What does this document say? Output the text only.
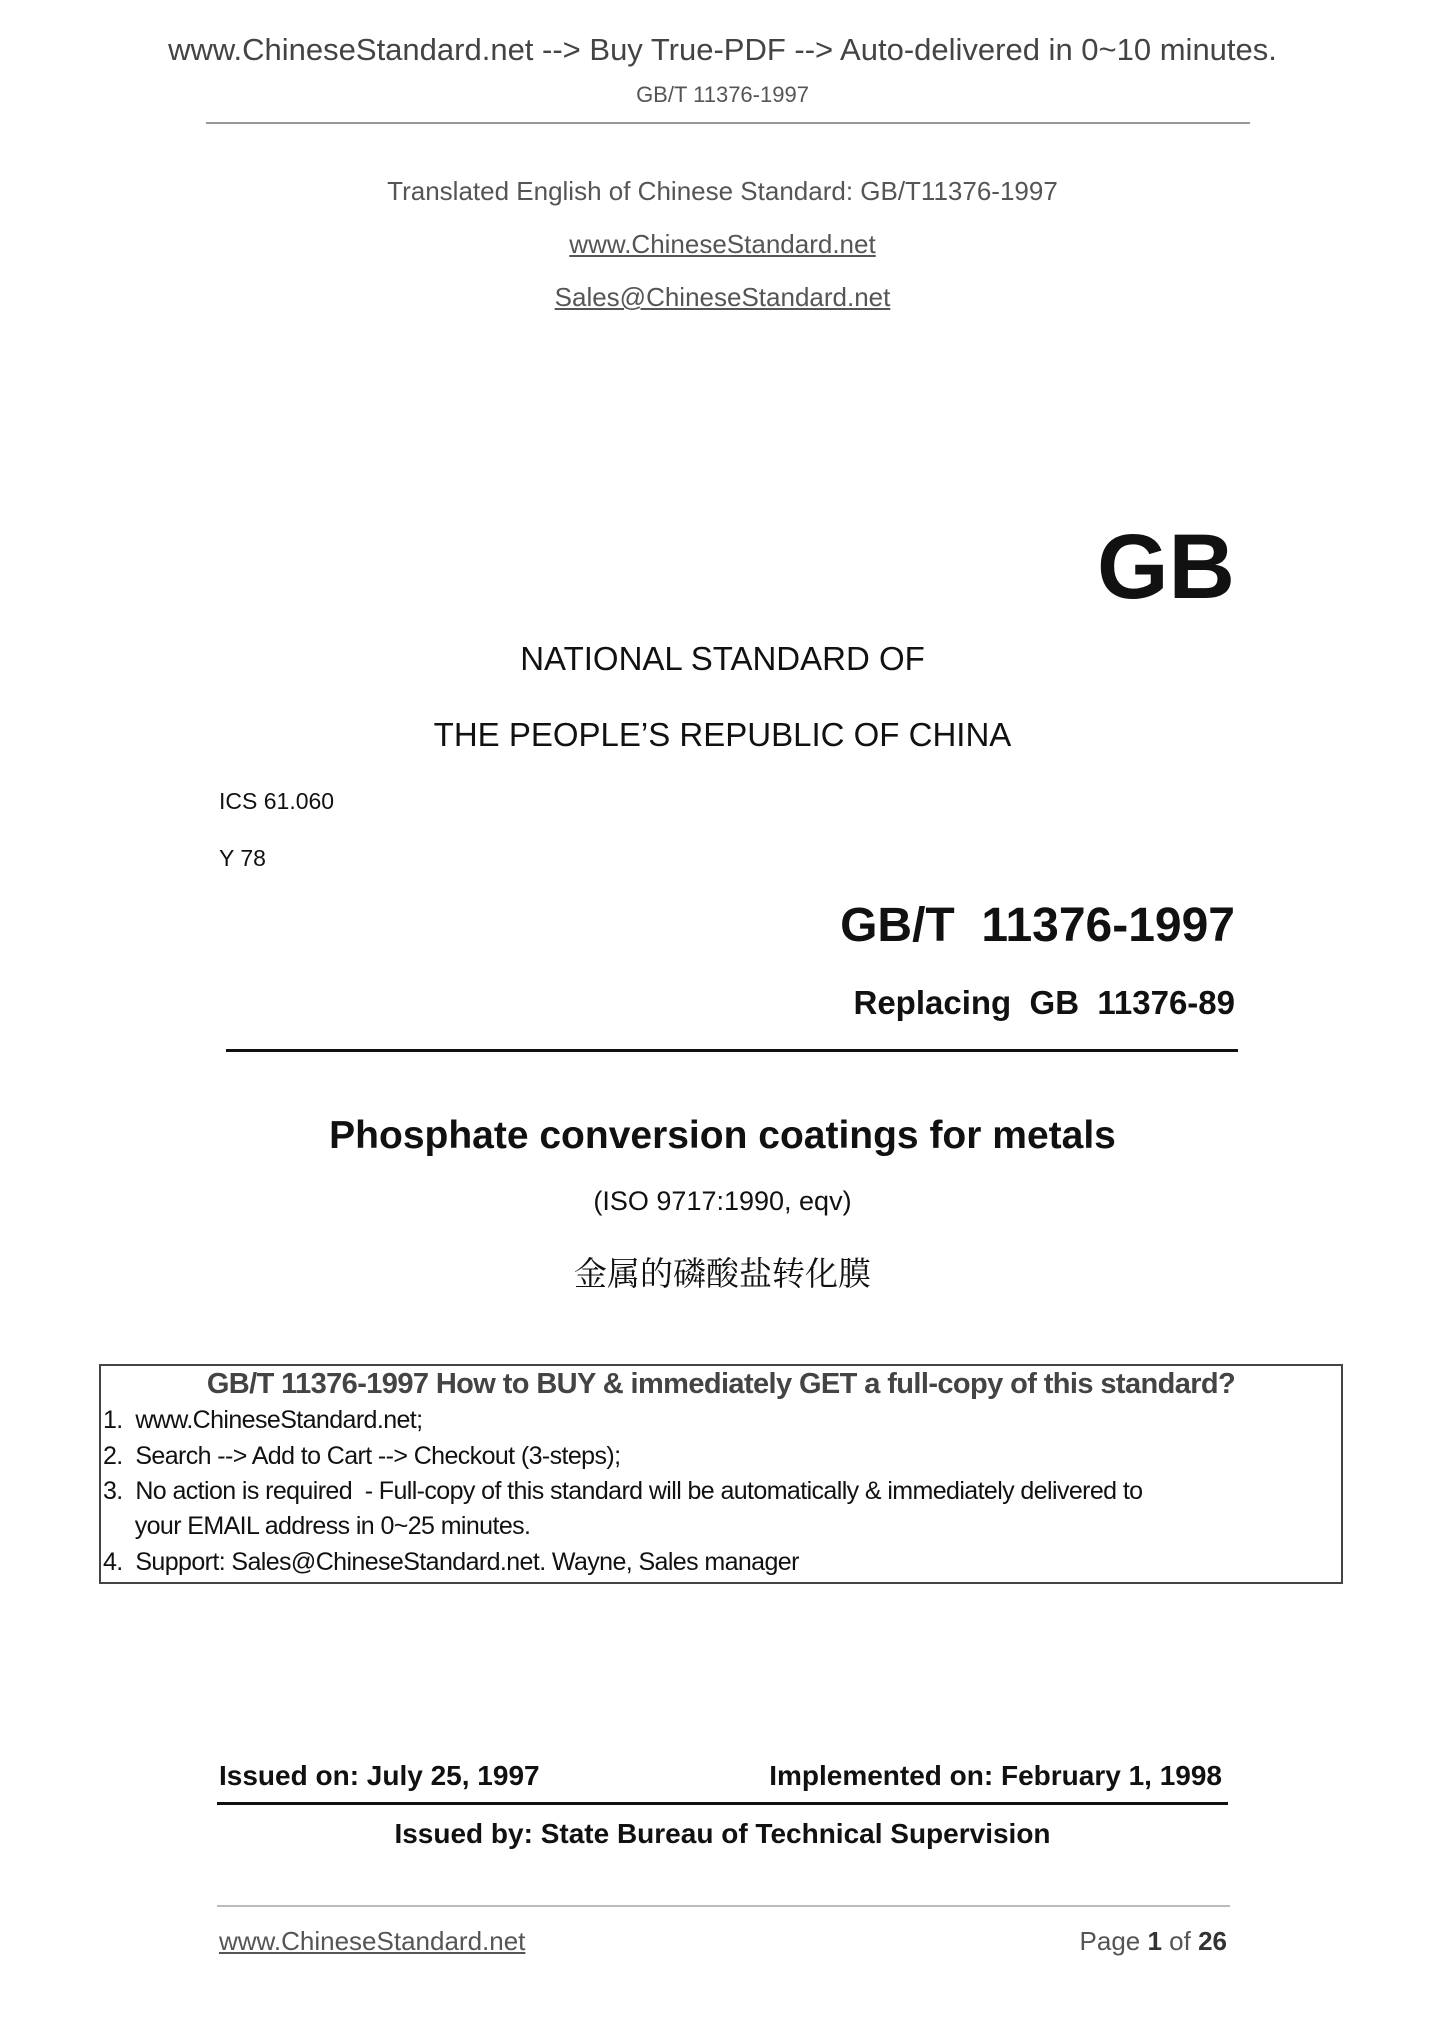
www.ChineseStandard.net --> Buy True-PDF --> Auto-delivered in 0~10 minutes.
GB/T 11376-1997
Translated English of Chinese Standard: GB/T11376-1997
www.ChineseStandard.net
Sales@ChineseStandard.net
GB
NATIONAL STANDARD OF
THE PEOPLE’S REPUBLIC OF CHINA
ICS 61.060
Y 78
GB/T  11376-1997
Replacing  GB  11376-89
Phosphate conversion coatings for metals
(ISO 9717:1990, eqv)
金属的磷酸盐转化膜
GB/T 11376-1997 How to BUY & immediately GET a full-copy of this standard?
1.  www.ChineseStandard.net;
2.  Search --> Add to Cart --> Checkout (3-steps);
3.  No action is required  - Full-copy of this standard will be automatically & immediately delivered to
your EMAIL address in 0~25 minutes.
4.  Support: Sales@ChineseStandard.net. Wayne, Sales manager
Issued on: July 25, 1997	Implemented on: February 1, 1998
Issued by: State Bureau of Technical Supervision
www.ChineseStandard.net	Page 1 of 26
